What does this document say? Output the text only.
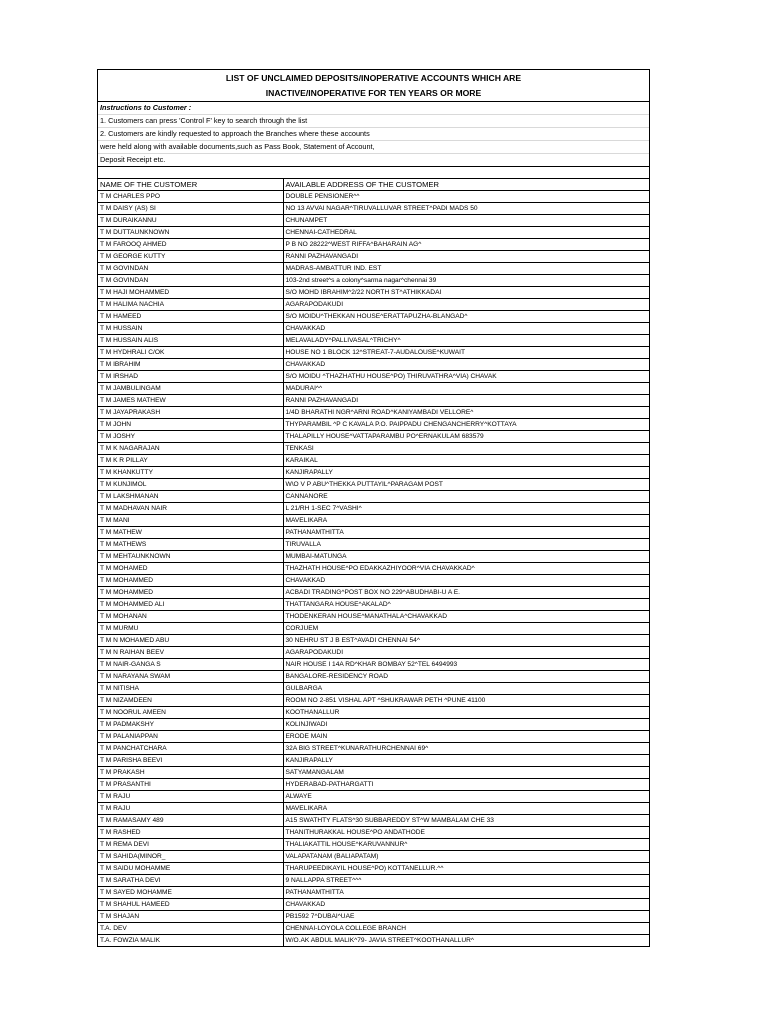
LIST OF UNCLAIMED DEPOSITS/INOPERATIVE ACCOUNTS WHICH ARE
INACTIVE/INOPERATIVE FOR TEN YEARS OR MORE
Instructions to Customer :
1. Customers can press 'Control F' key to search through the list
2. Customers are kindly requested to approach the Branches where these accounts
were held along with available documents,such as Pass Book, Statement of Account,
Deposit Receipt etc.
NAME OF THE CUSTOMER	AVAILABLE ADDRESS OF THE CUSTOMER
T M CHARLES PPO	DOUBLE PENSIONER^^
T M DAISY (AS) SI	NO 13 AVVAI NAGAR^TIRUVALLUVAR STREET^PADI MADS 50
T M DURAIKANNU	CHUNAMPET
T M DUTTAUNKNOWN	CHENNAI-CATHEDRAL
T M FAROOQ AHMED	P B NO 28222^WEST RIFFA^BAHARAIN AG^
T M GEORGE KUTTY	RANNI PAZHAVANGADI
T M GOVINDAN	MADRAS-AMBATTUR IND. EST
T M GOVINDAN	103-2nd street^s a colony^sarma nagar^chennai 39
T M HAJI MOHAMMED	S/O MOHD IBRAHIM^2/22 NORTH ST^ATHIKKADAI
T M HALIMA NACHIA	AGARAPODAKUDI
T M HAMEED	S/O MOIDU^THEKKAN HOUSE^ERATTAPUZHA-BLANGAD^
T M HUSSAIN	CHAVAKKAD
T M HUSSAIN ALIS	MELAVALADY^PALLIVASAL^TRICHY^
T M HYDHRALI C/OK	HOUSE NO 1 BLOCK 12^STREAT-7-AUDALOUSE^KUWAIT
T M IBRAHIM	CHAVAKKAD
T M IRSHAD	S/O MOIDU ^THAZHATHU HOUSE^PO) THIRUVATHRA^VIA) CHAVAK
T M JAMBULINGAM	MADURAI^^
T M JAMES MATHEW	RANNI PAZHAVANGADI
T M JAYAPRAKASH	1/4D BHARATHI NGR^ARNI ROAD^KANIYAMBADI VELLORE^
T M JOHN	THYPARAMBIL ^P C KAVALA P.O. PAIPPADU CHENGANCHERRY^KOTTAYA
T M JOSHY	THALAPILLY HOUSE^VATTAPARAMBU PO^ERNAKULAM 683579
T M K NAGARAJAN	TENKASI
T M K R PILLAY	KARAIKAL
T M KHANKUTTY	KANJIRAPALLY
T M KUNJIMOL	W\O V P ABU^THEKKA PUTTAYIL^PARAGAM POST
T M LAKSHMANAN	CANNANORE
T M MADHAVAN NAIR	L 21/RH 1-SEC 7^VASHI^
T M MANI	MAVELIKARA
T M MATHEW	PATHANAMTHITTA
T M MATHEWS	TIRUVALLA
T M MEHTAUNKNOWN	MUMBAI-MATUNGA
T M MOHAMED	THAZHATH HOUSE^PO EDAKKAZHIYOOR^VIA CHAVAKKAD^
T M MOHAMMED	CHAVAKKAD
T M MOHAMMED	ACBADI TRADING^POST BOX NO 229^ABUDHABI-U A E.
T M MOHAMMED ALI	THATTANGARA HOUSE^AKALAD^
T M MOHANAN	THODENKERAN HOUSE^MANATHALA^CHAVAKKAD
T M MURMU	CORJUEM
T M N MOHAMED ABU	30 NEHRU ST J B EST^AVADI CHENNAI 54^
T M N RAIHAN BEEV	AGARAPODAKUDI
T M NAIR-GANGA S	NAIR HOUSE I 14A RD^KHAR BOMBAY 52^TEL 6494993
T M NARAYANA SWAM	BANGALORE-RESIDENCY ROAD
T M NITISHA	GULBARGA
T M NIZAMDEEN	ROOM NO 2-851 VISHAL APT ^SHUKRAWAR PETH ^PUNE 41100
T M NOORUL AMEEN	KOOTHANALLUR
T M PADMAKSHY	KOLINJIWADI
T M PALANIAPPAN	ERODE MAIN
T M PANCHATCHARA	32A BIG STREET^KUNARATHURCHENNAI 69^
T M PARISHA BEEVI	KANJIRAPALLY
T M PRAKASH	SATYAMANGALAM
T M PRASANTHI	HYDERABAD-PATHARGATTI
T M RAJU	ALWAYE
T M RAJU	MAVELIKARA
T M RAMASAMY 489	A15 SWATHTY FLATS^30 SUBBAREDDY ST^W MAMBALAM CHE 33
T M RASHED	THANITHURAKKAL HOUSE^PO ANDATHODE
T M REMA DEVI	THALIAKATTIL HOUSE^KARUVANNUR^
T M SAHIDA(MINOR_	VALAPATANAM (BALIAPATAM)
T M SAIDU MOHAMME	THARUPEEDIKAYIL HOUSE^PO) KOTTANELLUR.^^
T M SARATHA DEVI	9 NALLAPPA STREET^^^
T M SAYED MOHAMME	PATHANAMTHITTA
T M SHAHUL HAMEED	CHAVAKKAD
T M SHAJAN	PB1592 7^DUBAI^UAE
T.A. DEV	CHENNAI-LOYOLA COLLEGE BRANCH
T.A. FOWZIA MALIK	W/O.AK ABDUL MALIK^79- JAVIA STREET^KOOTHANALLUR^
